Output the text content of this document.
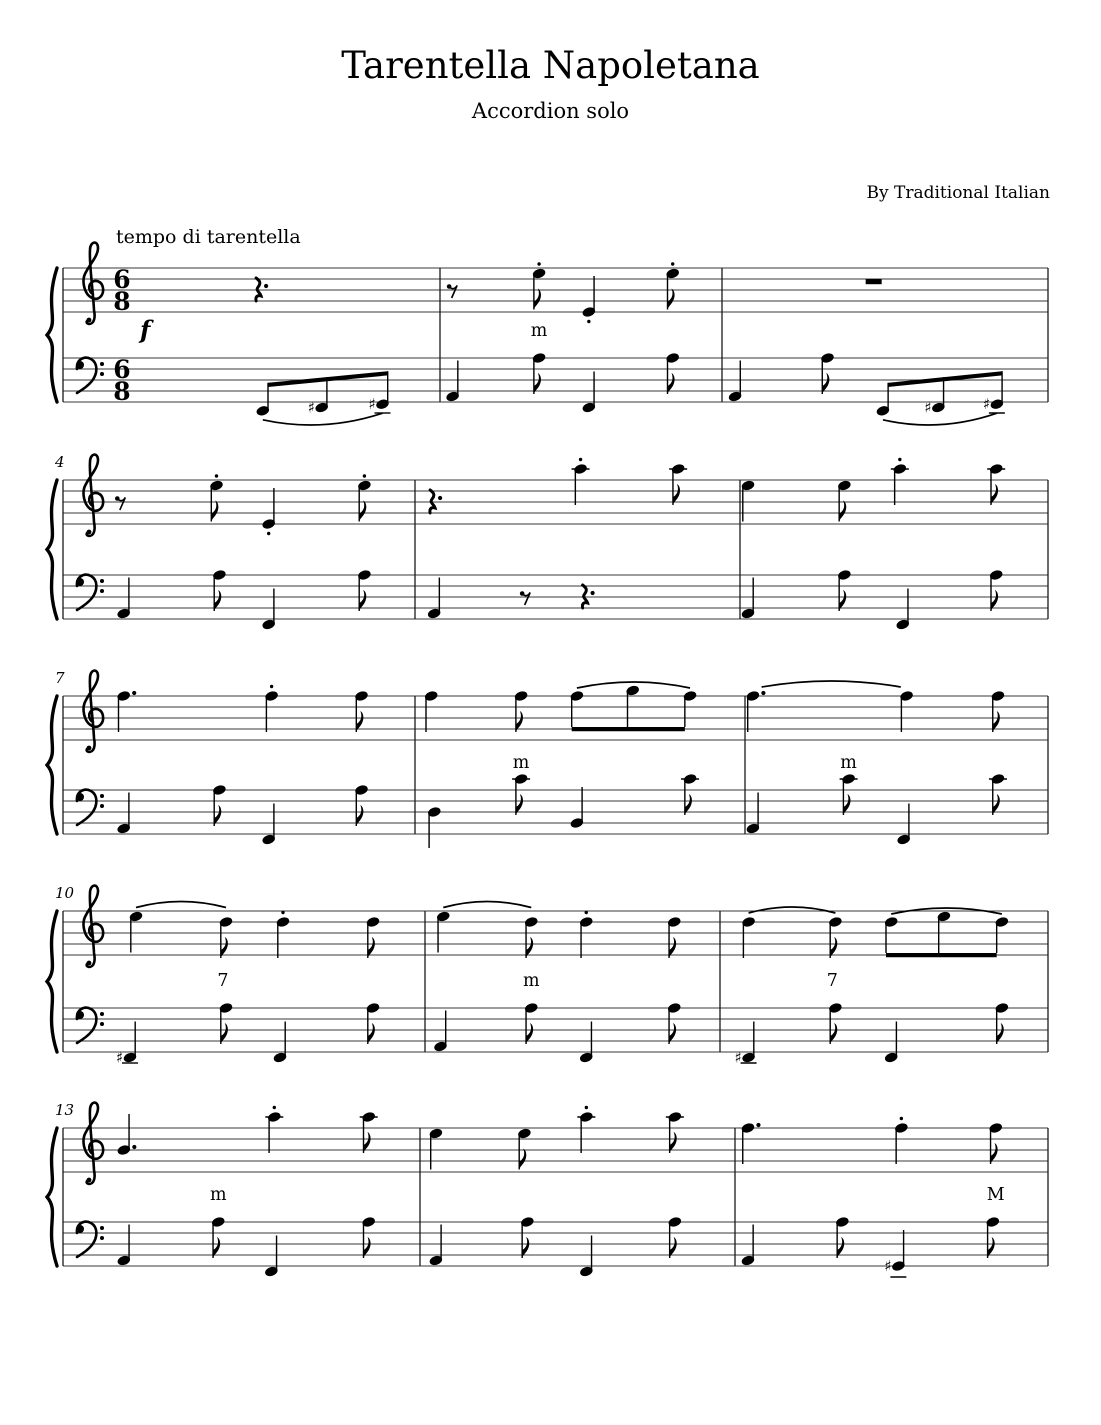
Tarentella Napoletana
Accordion solo
By Traditional Italian
tempo di tarentella
6
8
6
8
♯	♯
m
♯	♯
4
7
m	m
10
♯
7	m
♯
7
13
m
♯
M
f
